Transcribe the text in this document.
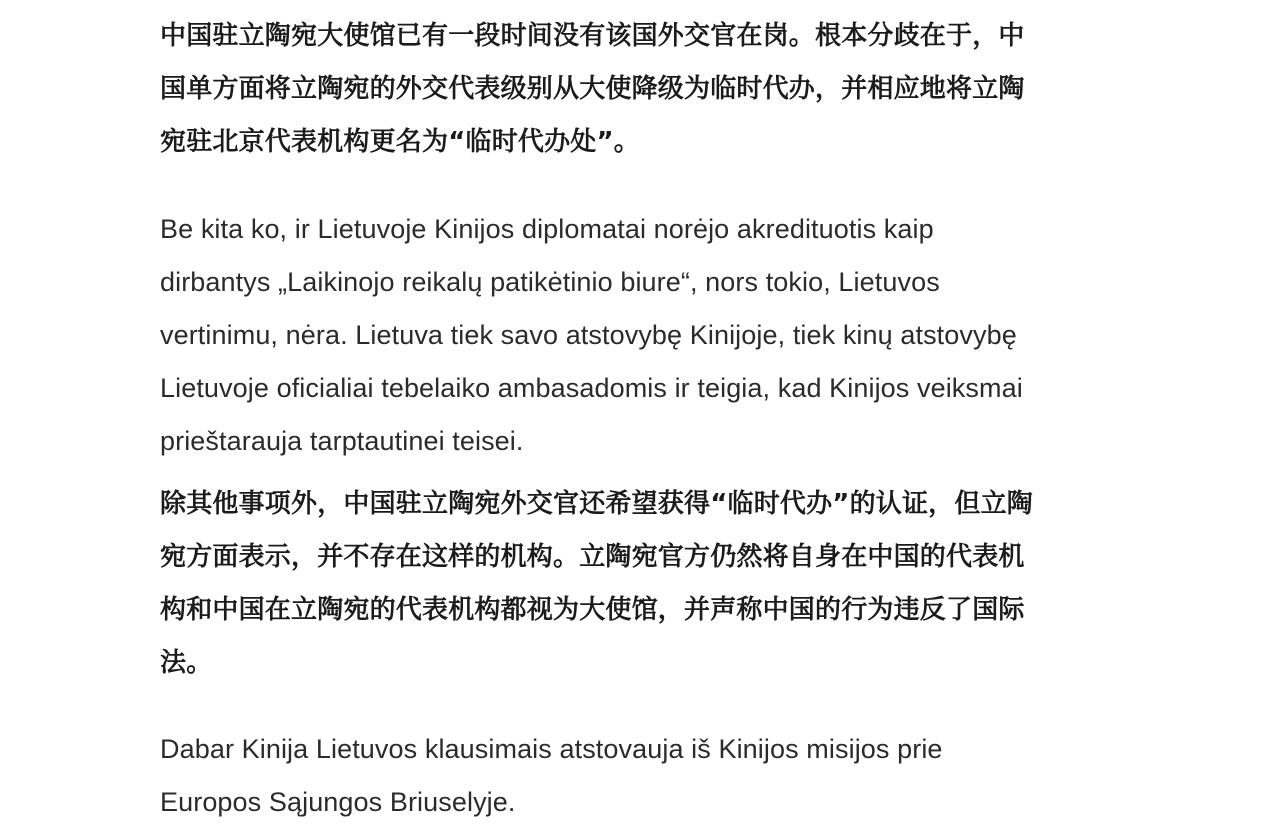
中国驻立陶宛大使馆已有一段时间没有该国外交官在岗。根本分歧在于，中
国单方面将立陶宛的外交代表级别从大使降级为临时代办，并相应地将立陶
宛驻北京代表机构更名为“临时代办处”。

Be kita ko, ir Lietuvoje Kinijos diplomatai norėjo akredituotis kaip
dirbantys „Laikinojo reikalų patikėtinio biure“, nors tokio, Lietuvos
vertinimu, nėra. Lietuva tiek savo atstovybę Kinijoje, tiek kinų atstovybę
Lietuvoje oficialiai tebelaiko ambasadomis ir teigia, kad Kinijos veiksmai
prieštarauja tarptautinei teisei.

除其他事项外，中国驻立陶宛外交官还希望获得“临时代办”的认证，但立陶
宛方面表示，并不存在这样的机构。立陶宛官方仍然将自身在中国的代表机
构和中国在立陶宛的代表机构都视为大使馆，并声称中国的行为违反了国际
法。

Dabar Kinija Lietuvos klausimais atstovauja iš Kinijos misijos prie
Europos Sąjungos Briuselyje.
